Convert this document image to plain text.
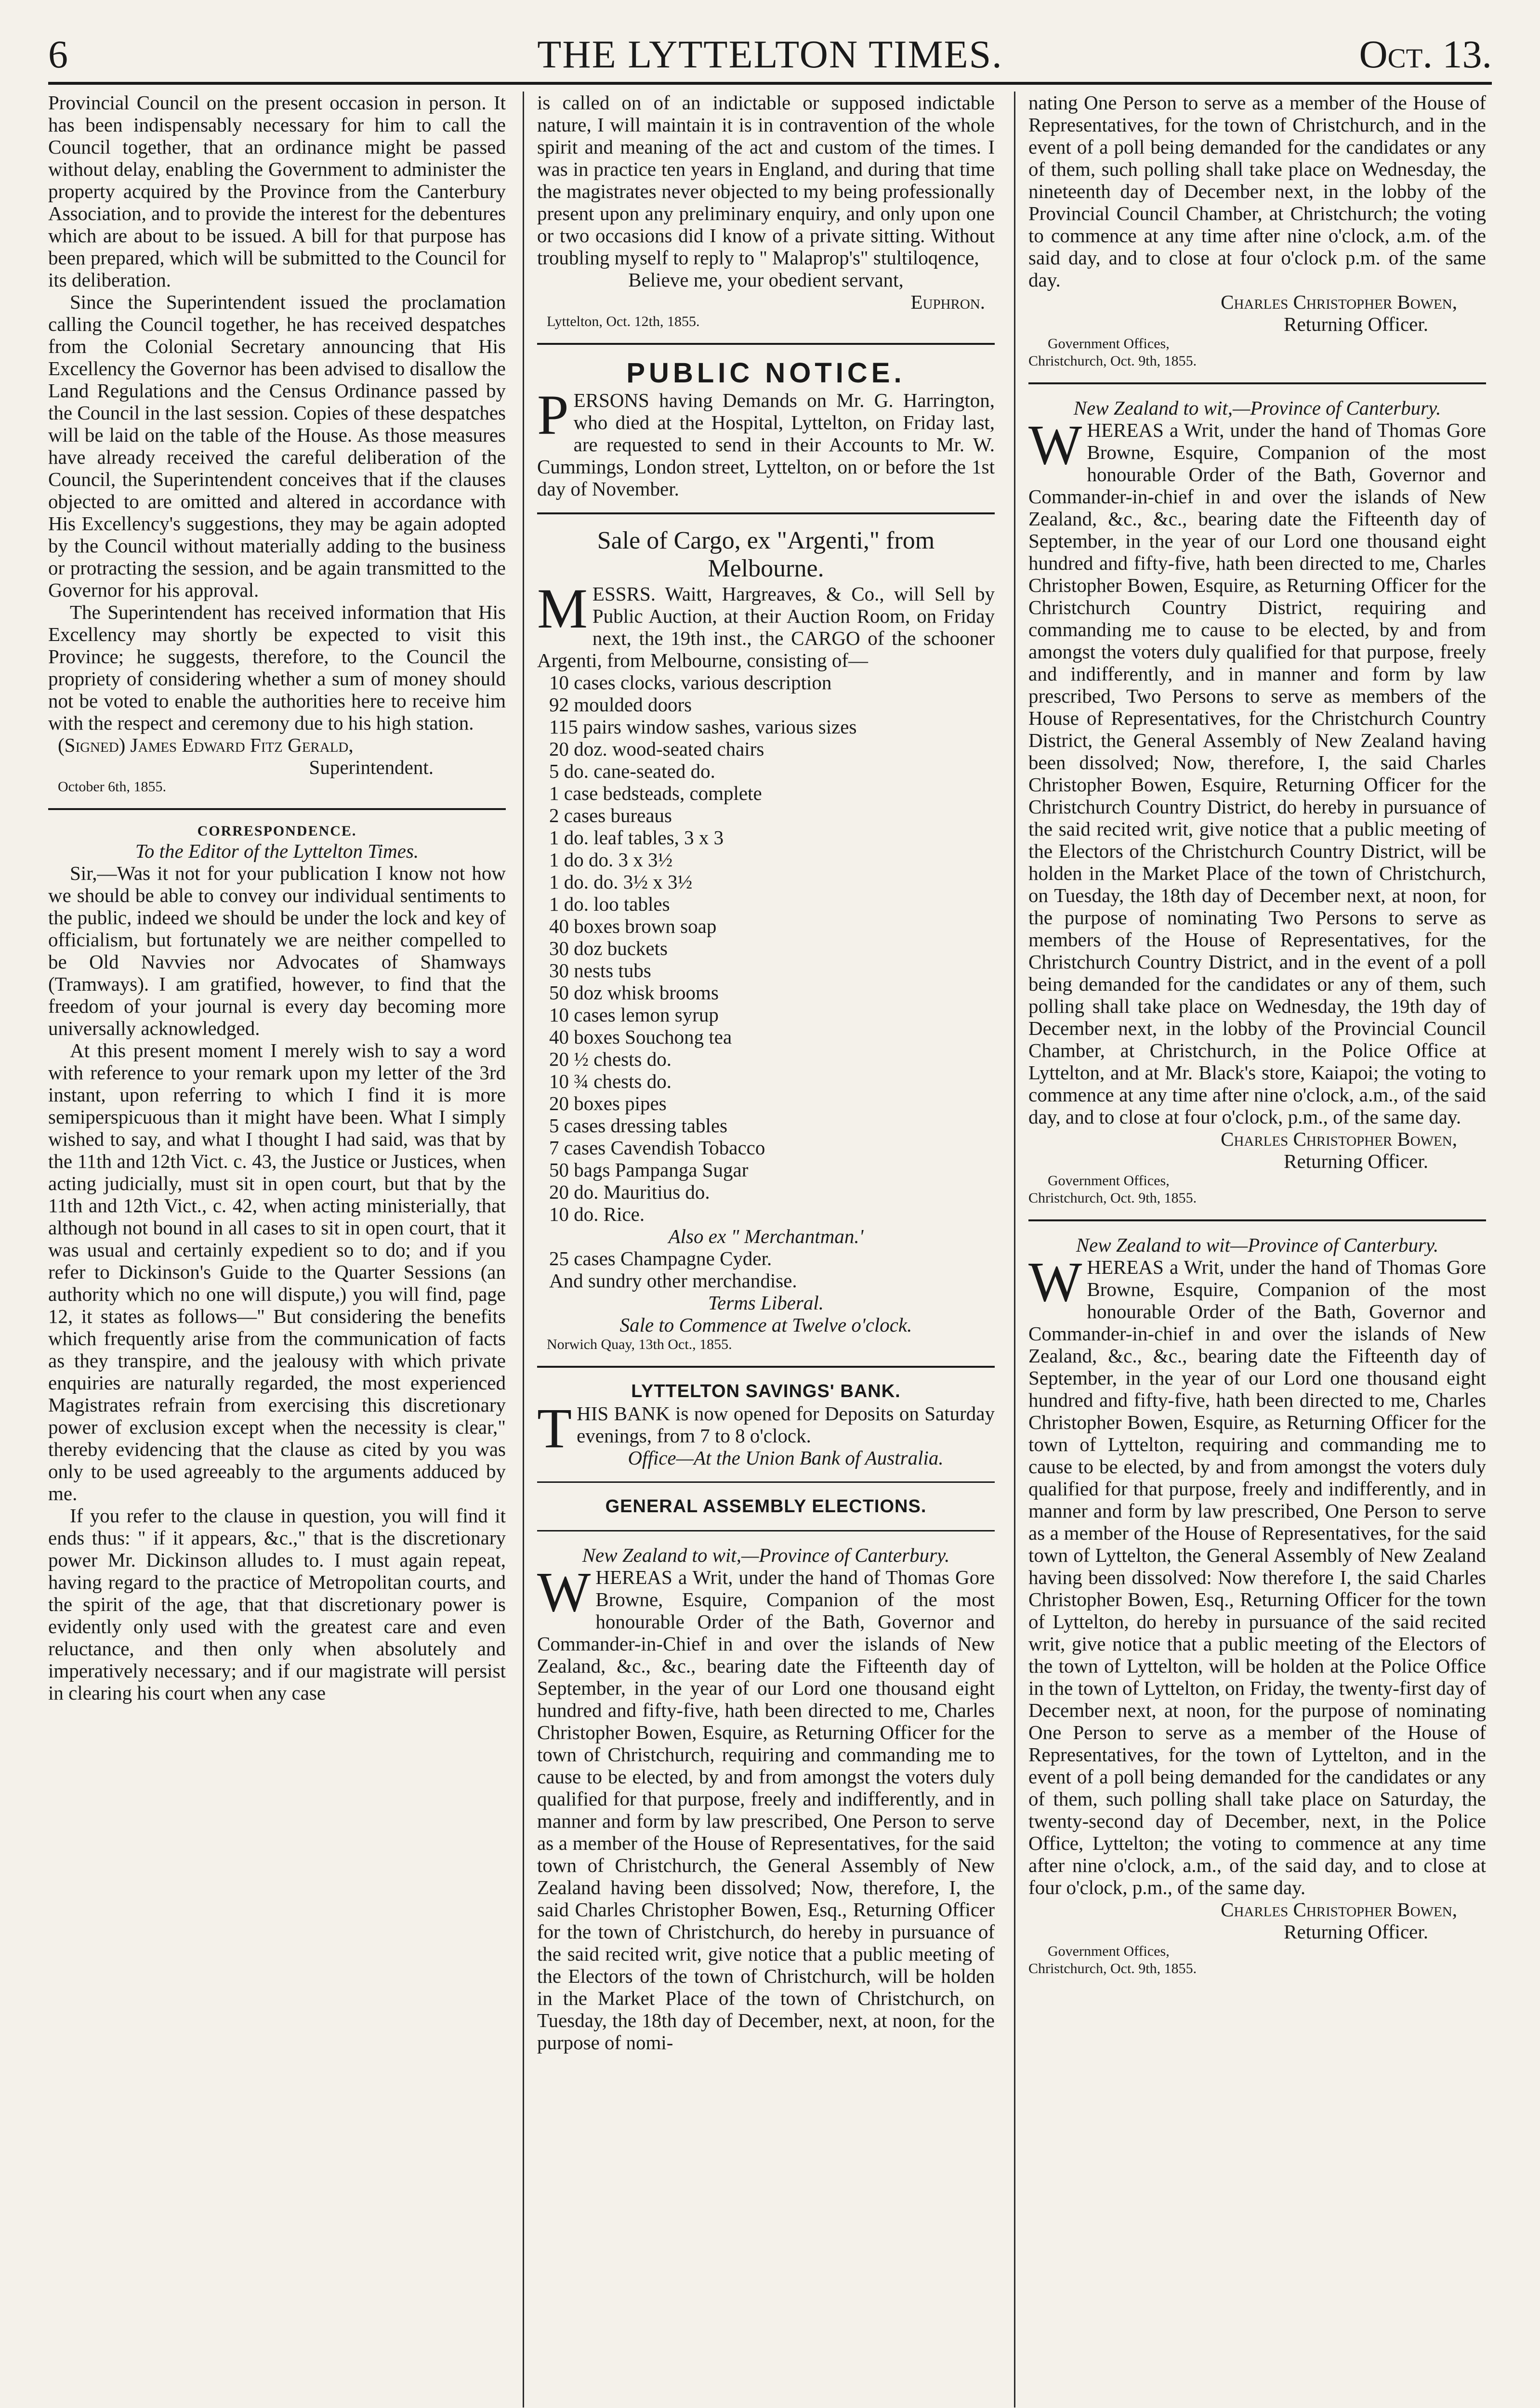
6	THE LYTTELTON TIMES.	Oct. 13.

Provincial Council on the present occasion in person. It has been indispensably necessary for him to call the Council together, that an ordinance might be passed without delay, enabling the Government to administer the property acquired by the Province from the Canterbury Association, and to provide the interest for the debentures which are about to be issued. A bill for that purpose has been prepared, which will be submitted to the Council for its deliberation.

Since the Superintendent issued the proclamation calling the Council together, he has received despatches from the Colonial Secretary announcing that His Excellency the Governor has been advised to disallow the Land Regulations and the Census Ordinance passed by the Council in the last session. Copies of these despatches will be laid on the table of the House. As those measures have already received the careful deliberation of the Council, the Superintendent conceives that if the clauses objected to are omitted and altered in accordance with His Excellency's suggestions, they may be again adopted by the Council without materially adding to the business or protracting the session, and be again transmitted to the Governor for his approval.

The Superintendent has received information that His Excellency may shortly be expected to visit this Province; he suggests, therefore, to the Council the propriety of considering whether a sum of money should not be voted to enable the authorities here to receive him with the respect and ceremony due to his high station.

(Signed) James Edward Fitz Gerald,

Superintendent.

October 6th, 1855.

CORRESPONDENCE.

To the Editor of the Lyttelton Times.

Sir,—Was it not for your publication I know not how we should be able to convey our individual sentiments to the public, indeed we should be under the lock and key of officialism, but fortunately we are neither compelled to be Old Navvies nor Advocates of Shamways (Tramways). I am gratified, however, to find that the freedom of your journal is every day becoming more universally acknowledged.

At this present moment I merely wish to say a word with reference to your remark upon my letter of the 3rd instant, upon referring to which I find it is more semiperspicuous than it might have been. What I simply wished to say, and what I thought I had said, was that by the 11th and 12th Vict. c. 43, the Justice or Justices, when acting judicially, must sit in open court, but that by the 11th and 12th Vict., c. 42, when acting ministerially, that although not bound in all cases to sit in open court, that it was usual and certainly expedient so to do; and if you refer to Dickinson's Guide to the Quarter Sessions (an authority which no one will dispute,) you will find, page 12, it states as follows—" But considering the benefits which frequently arise from the communication of facts as they transpire, and the jealousy with which private enquiries are naturally regarded, the most experienced Magistrates refrain from exercising this discretionary power of exclusion except when the necessity is clear," thereby evidencing that the clause as cited by you was only to be used agreeably to the arguments adduced by me.

If you refer to the clause in question, you will find it ends thus: " if it appears, &c.," that is the discretionary power Mr. Dickinson alludes to. I must again repeat, having regard to the practice of Metropolitan courts, and the spirit of the age, that that discretionary power is evidently only used with the greatest care and even reluctance, and then only when absolutely and imperatively necessary; and if our magistrate will persist in clearing his court when any case

is called on of an indictable or supposed indictable nature, I will maintain it is in contravention of the whole spirit and meaning of the act and custom of the times. I was in practice ten years in England, and during that time the magistrates never objected to my being professionally present upon any preliminary enquiry, and only upon one or two occasions did I know of a private sitting. Without troubling myself to reply to " Malaprop's" stultiloqence,

Believe me, your obedient servant,

Euphron.

Lyttelton, Oct. 12th, 1855.

PUBLIC NOTICE.

PERSONS having Demands on Mr. G. Harrington, who died at the Hospital, Lyttelton, on Friday last, are requested to send in their Accounts to Mr. W. Cummings, London street, Lyttelton, on or before the 1st day of November.

Sale of Cargo, ex "Argenti," from Melbourne.

MESSRS. Waitt, Hargreaves, & Co., will Sell by Public Auction, at their Auction Room, on Friday next, the 19th inst., the CARGO of the schooner Argenti, from Melbourne, consisting of—

10 cases clocks, various description
92 moulded doors
115 pairs window sashes, various sizes
20 doz. wood-seated chairs
5 do. cane-seated do.
1 case bedsteads, complete
2 cases bureaus
1 do. leaf tables, 3 x 3
1 do do. 3 x 3½
1 do. do. 3½ x 3½
1 do. loo tables
40 boxes brown soap
30 doz buckets
30 nests tubs
50 doz whisk brooms
10 cases lemon syrup
40 boxes Souchong tea
20 ½ chests do.
10 ¾ chests do.
20 boxes pipes
5 cases dressing tables
7 cases Cavendish Tobacco
50 bags Pampanga Sugar
20 do. Mauritius do.
10 do. Rice.

Also ex " Merchantman.'

25 cases Champagne Cyder.
And sundry other merchandise.

Terms Liberal.

Sale to Commence at Twelve o'clock.

Norwich Quay, 13th Oct., 1855.

LYTTELTON SAVINGS' BANK.

THIS BANK is now opened for Deposits on Saturday evenings, from 7 to 8 o'clock.

Office—At the Union Bank of Australia.

GENERAL ASSEMBLY ELECTIONS.

New Zealand to wit,—Province of Canterbury.

WHEREAS a Writ, under the hand of Thomas Gore Browne, Esquire, Companion of the most honourable Order of the Bath, Governor and Commander-in-Chief in and over the islands of New Zealand, &c., &c., bearing date the Fifteenth day of September, in the year of our Lord one thousand eight hundred and fifty-five, hath been directed to me, Charles Christopher Bowen, Esquire, as Returning Officer for the town of Christchurch, requiring and commanding me to cause to be elected, by and from amongst the voters duly qualified for that purpose, freely and indifferently, and in manner and form by law prescribed, One Person to serve as a member of the House of Representatives, for the said town of Christchurch, the General Assembly of New Zealand having been dissolved; Now, therefore, I, the said Charles Christopher Bowen, Esq., Returning Officer for the town of Christchurch, do hereby in pursuance of the said recited writ, give notice that a public meeting of the Electors of the town of Christchurch, will be holden in the Market Place of the town of Christchurch, on Tuesday, the 18th day of December, next, at noon, for the purpose of nomi-

nating One Person to serve as a member of the House of Representatives, for the town of Christchurch, and in the event of a poll being demanded for the candidates or any of them, such polling shall take place on Wednesday, the nineteenth day of December next, in the lobby of the Provincial Council Chamber, at Christchurch; the voting to commence at any time after nine o'clock, a.m. of the said day, and to close at four o'clock p.m. of the same day.

Charles Christopher Bowen,

Returning Officer.

Government Offices,

Christchurch, Oct. 9th, 1855.

New Zealand to wit,—Province of Canterbury.

WHEREAS a Writ, under the hand of Thomas Gore Browne, Esquire, Companion of the most honourable Order of the Bath, Governor and Commander-in-chief in and over the islands of New Zealand, &c., &c., bearing date the Fifteenth day of September, in the year of our Lord one thousand eight hundred and fifty-five, hath been directed to me, Charles Christopher Bowen, Esquire, as Returning Officer for the Christchurch Country District, requiring and commanding me to cause to be elected, by and from amongst the voters duly qualified for that purpose, freely and indifferently, and in manner and form by law prescribed, Two Persons to serve as members of the House of Representatives, for the Christchurch Country District, the General Assembly of New Zealand having been dissolved; Now, therefore, I, the said Charles Christopher Bowen, Esquire, Returning Officer for the Christchurch Country District, do hereby in pursuance of the said recited writ, give notice that a public meeting of the Electors of the Christchurch Country District, will be holden in the Market Place of the town of Christchurch, on Tuesday, the 18th day of December next, at noon, for the purpose of nominating Two Persons to serve as members of the House of Representatives, for the Christchurch Country District, and in the event of a poll being demanded for the candidates or any of them, such polling shall take place on Wednesday, the 19th day of December next, in the lobby of the Provincial Council Chamber, at Christchurch, in the Police Office at Lyttelton, and at Mr. Black's store, Kaiapoi; the voting to commence at any time after nine o'clock, a.m., of the said day, and to close at four o'clock, p.m., of the same day.

Charles Christopher Bowen,

Returning Officer.

Government Offices,

Christchurch, Oct. 9th, 1855.

New Zealand to wit—Province of Canterbury.

WHEREAS a Writ, under the hand of Thomas Gore Browne, Esquire, Companion of the most honourable Order of the Bath, Governor and Commander-in-chief in and over the islands of New Zealand, &c., &c., bearing date the Fifteenth day of September, in the year of our Lord one thousand eight hundred and fifty-five, hath been directed to me, Charles Christopher Bowen, Esquire, as Returning Officer for the town of Lyttelton, requiring and commanding me to cause to be elected, by and from amongst the voters duly qualified for that purpose, freely and indifferently, and in manner and form by law prescribed, One Person to serve as a member of the House of Representatives, for the said town of Lyttelton, the General Assembly of New Zealand having been dissolved: Now therefore I, the said Charles Christopher Bowen, Esq., Returning Officer for the town of Lyttelton, do hereby in pursuance of the said recited writ, give notice that a public meeting of the Electors of the town of Lyttelton, will be holden at the Police Office in the town of Lyttelton, on Friday, the twenty-first day of December next, at noon, for the purpose of nominating One Person to serve as a member of the House of Representatives, for the town of Lyttelton, and in the event of a poll being demanded for the candidates or any of them, such polling shall take place on Saturday, the twenty-second day of December, next, in the Police Office, Lyttelton; the voting to commence at any time after nine o'clock, a.m., of the said day, and to close at four o'clock, p.m., of the same day.

Charles Christopher Bowen,

Returning Officer.

Government Offices,

Christchurch, Oct. 9th, 1855.
